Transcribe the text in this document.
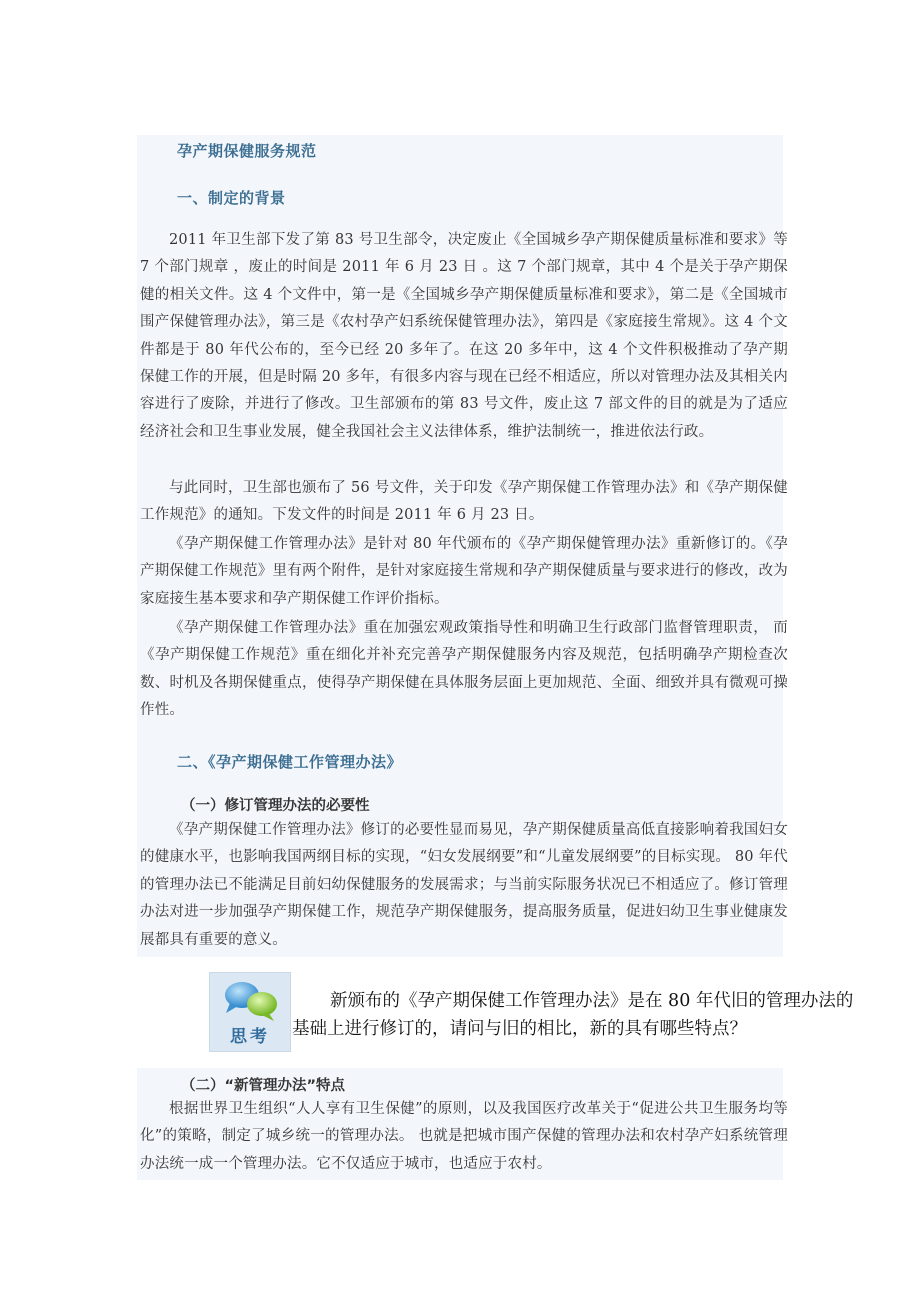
孕产期保健服务规范
一、制定的背景

2011 年卫生部下发了第 83 号卫生部令，决定废止《全国城乡孕产期保健质量标准和要求》等 7 个部门规章 ，废止的时间是 2011 年 6 月 23 日 。这 7 个部门规章，其中 4 个是关于孕产期保健的相关文件。这 4 个文件中，第一是《全国城乡孕产期保健质量标准和要求》，第二是《全国城市围产保健管理办法》，第三是《农村孕产妇系统保健管理办法》，第四是《家庭接生常规》。这 4 个文件都是于 80 年代公布的，至今已经 20 多年了。在这 20 多年中，这 4 个文件积极推动了孕产期保健工作的开展，但是时隔 20 多年，有很多内容与现在已经不相适应，所以对管理办法及其相关内容进行了废除，并进行了修改。卫生部颁布的第 83 号文件，废止这 7 部文件的目的就是为了适应经济社会和卫生事业发展，健全我国社会主义法律体系，维护法制统一，推进依法行政。

与此同时，卫生部也颁布了 56 号文件，关于印发《孕产期保健工作管理办法》和《孕产期保健工作规范》的通知。下发文件的时间是 2011 年 6 月 23 日。

《孕产期保健工作管理办法》是针对 80 年代颁布的《孕产期保健管理办法》重新修订的。《孕产期保健工作规范》里有两个附件，是针对家庭接生常规和孕产期保健质量与要求进行的修改，改为家庭接生基本要求和孕产期保健工作评价指标。

《孕产期保健工作管理办法》重在加强宏观政策指导性和明确卫生行政部门监督管理职责， 而《孕产期保健工作规范》重在细化并补充完善孕产期保健服务内容及规范，包括明确孕产期检查次数、时机及各期保健重点，使得孕产期保健在具体服务层面上更加规范、全面、细致并具有微观可操作性。

二、《孕产期保健工作管理办法》
（一）修订管理办法的必要性

《孕产期保健工作管理办法》修订的必要性显而易见，孕产期保健质量高低直接影响着我国妇女的健康水平，也影响我国两纲目标的实现，“妇女发展纲要”和“儿童发展纲要”的目标实现。 80 年代的管理办法已不能满足目前妇幼保健服务的发展需求；与当前实际服务状况已不相适应了。修订管理办法对进一步加强孕产期保健工作，规范孕产期保健服务，提高服务质量，促进妇幼卫生事业健康发展都具有重要的意义。

思考

新颁布的《孕产期保健工作管理办法》是在 80 年代旧的管理办法的基础上进行修订的，请问与旧的相比，新的具有哪些特点？

（二）“新管理办法”特点

根据世界卫生组织“人人享有卫生保健”的原则，以及我国医疗改革关于“促进公共卫生服务均等化”的策略，制定了城乡统一的管理办法。 也就是把城市围产保健的管理办法和农村孕产妇系统管理办法统一成一个管理办法。它不仅适应于城市，也适应于农村。
